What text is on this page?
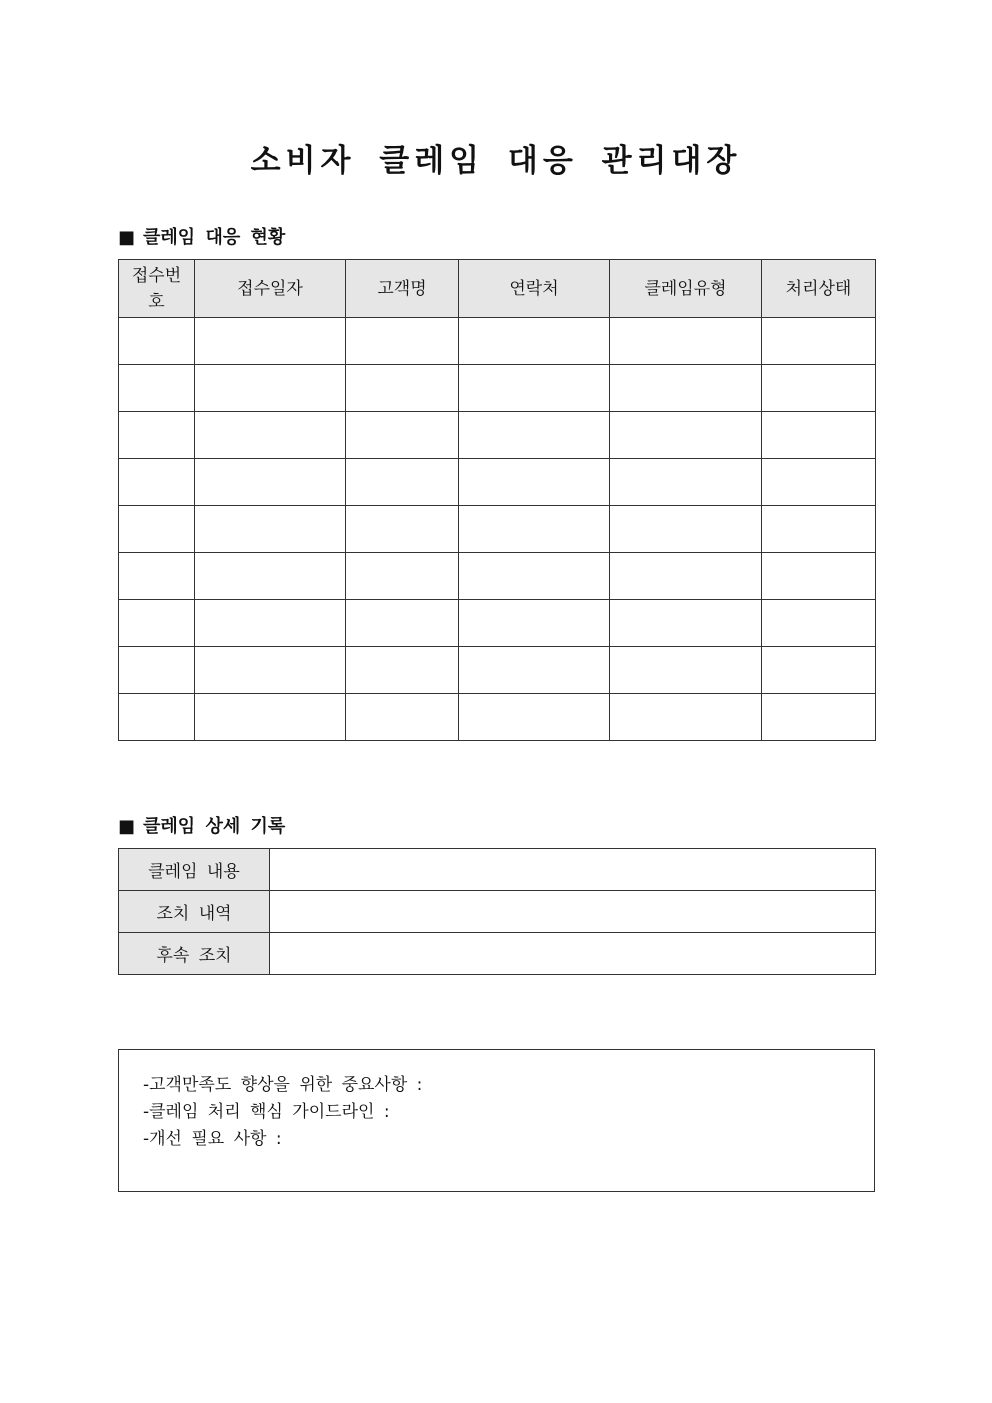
소비자 클레임 대응 관리대장
■ 클레임 대응 현황
접수번호	접수일자	고객명	연락처	클레임유형	처리상태

■ 클레임 상세 기록
클레임 내용	
조치 내역	
후속 조치	
-고객만족도 향상을 위한 중요사항 :
-클레임 처리 핵심 가이드라인 :
-개선 필요 사항 :
